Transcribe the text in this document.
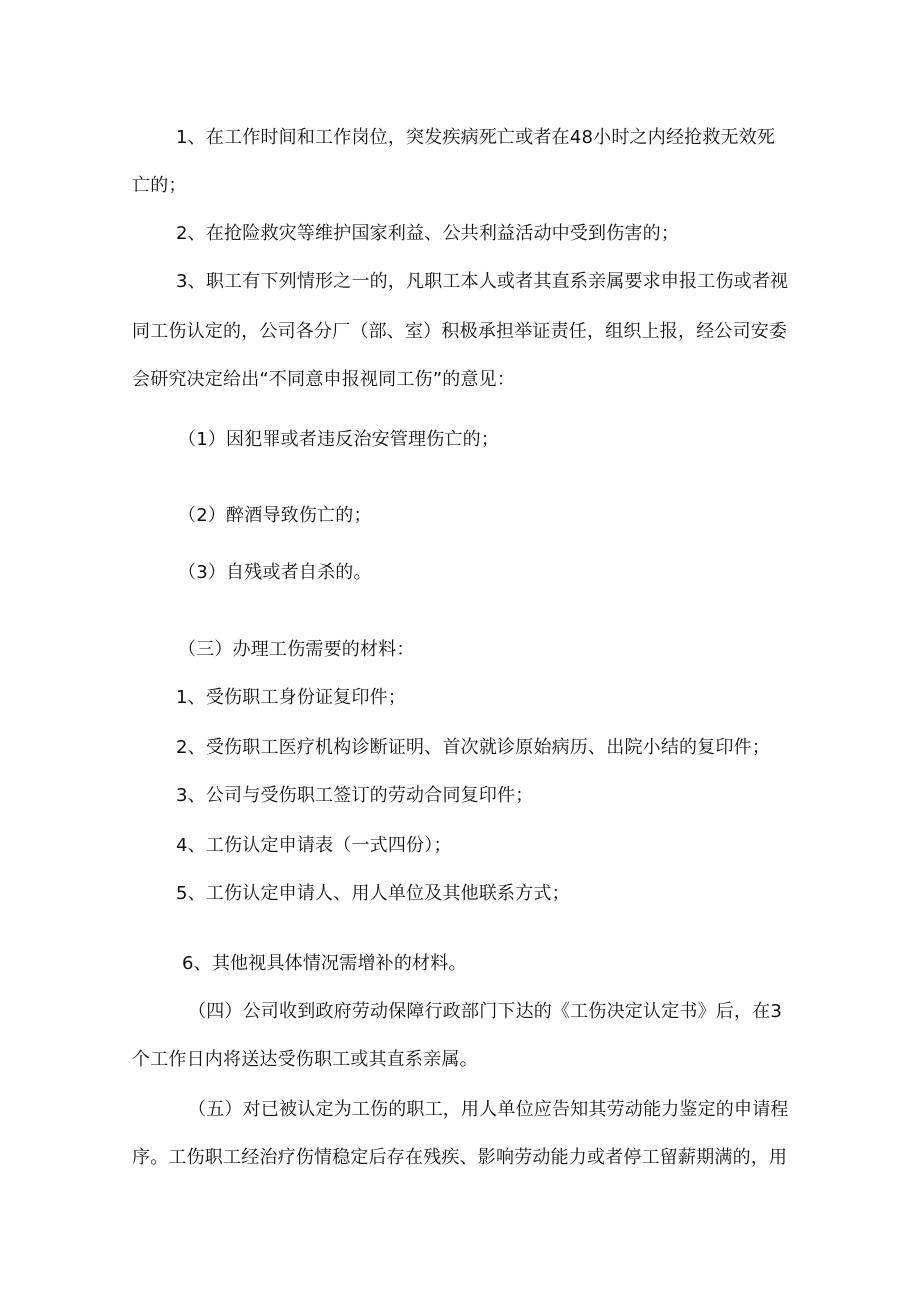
1、在工作时间和工作岗位，突发疾病死亡或者在48小时之内经抢救无效死
亡的；
2、在抢险救灾等维护国家利益、公共利益活动中受到伤害的；
3、职工有下列情形之一的，凡职工本人或者其直系亲属要求申报工伤或者视
同工伤认定的，公司各分厂（部、室）积极承担举证责任，组织上报，经公司安委
会研究决定给出“不同意申报视同工伤”的意见：
（1）因犯罪或者违反治安管理伤亡的；
（2）醉酒导致伤亡的；
（3）自残或者自杀的。
（三）办理工伤需要的材料：
1、受伤职工身份证复印件；
2、受伤职工医疗机构诊断证明、首次就诊原始病历、出院小结的复印件；
3、公司与受伤职工签订的劳动合同复印件；
4、工伤认定申请表（一式四份）；
5、工伤认定申请人、用人单位及其他联系方式；
6、其他视具体情况需增补的材料。
（四）公司收到政府劳动保障行政部门下达的《工伤决定认定书》后，在3
个工作日内将送达受伤职工或其直系亲属。
（五）对已被认定为工伤的职工，用人单位应告知其劳动能力鉴定的申请程
序。工伤职工经治疗伤情稳定后存在残疾、影响劳动能力或者停工留薪期满的，用
